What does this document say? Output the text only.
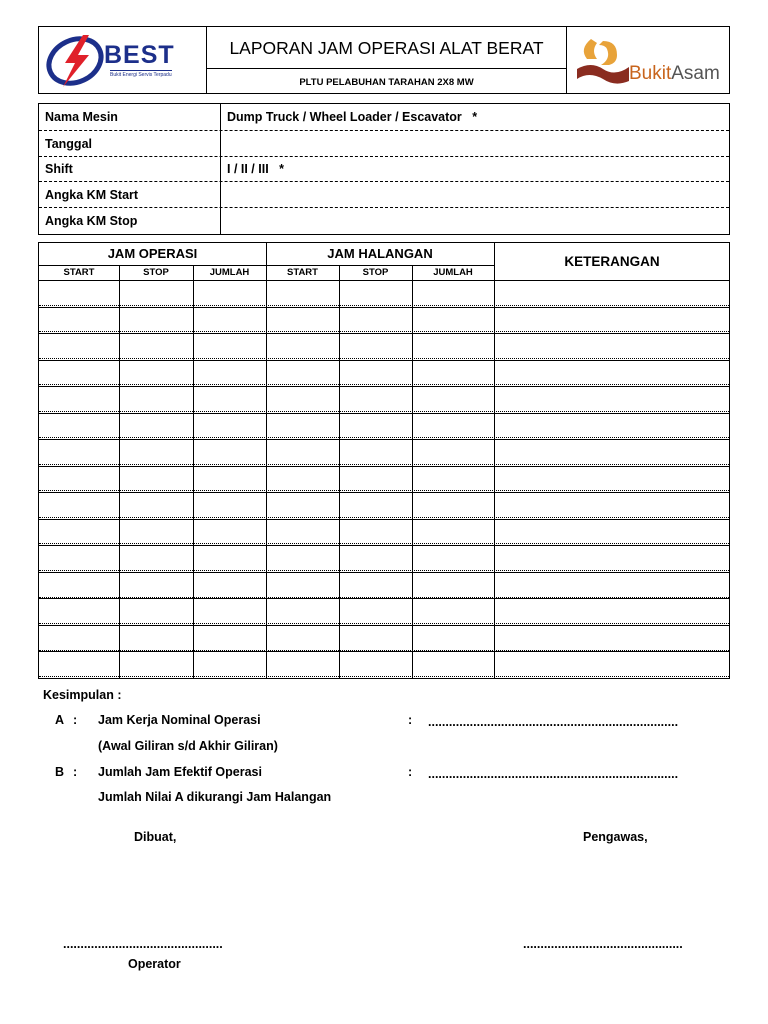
BEST
Bukit Energi Servis Terpadu
LAPORAN JAM OPERASI ALAT BERAT
PLTU PELABUHAN TARAHAN 2X8 MW	BukitAsam
Nama Mesin	Dump Truck / Wheel Loader / Escavator   *
Tanggal
Shift	I / II / III   *
Angka KM Start
Angka KM Stop
JAM OPERASI	JAM HALANGAN
KETERANGAN
START	STOP	JUMLAH	START	STOP	JUMLAH
Kesimpulan :
A : Jam Kerja Nominal Operasi	: ........................................................................
(Awal Giliran s/d Akhir Giliran)
B : Jumlah Jam Efektif Operasi	: ........................................................................
Jumlah Nilai A dikurangi Jam Halangan
Dibuat,	Pengawas,
..............................................	..............................................
Operator
